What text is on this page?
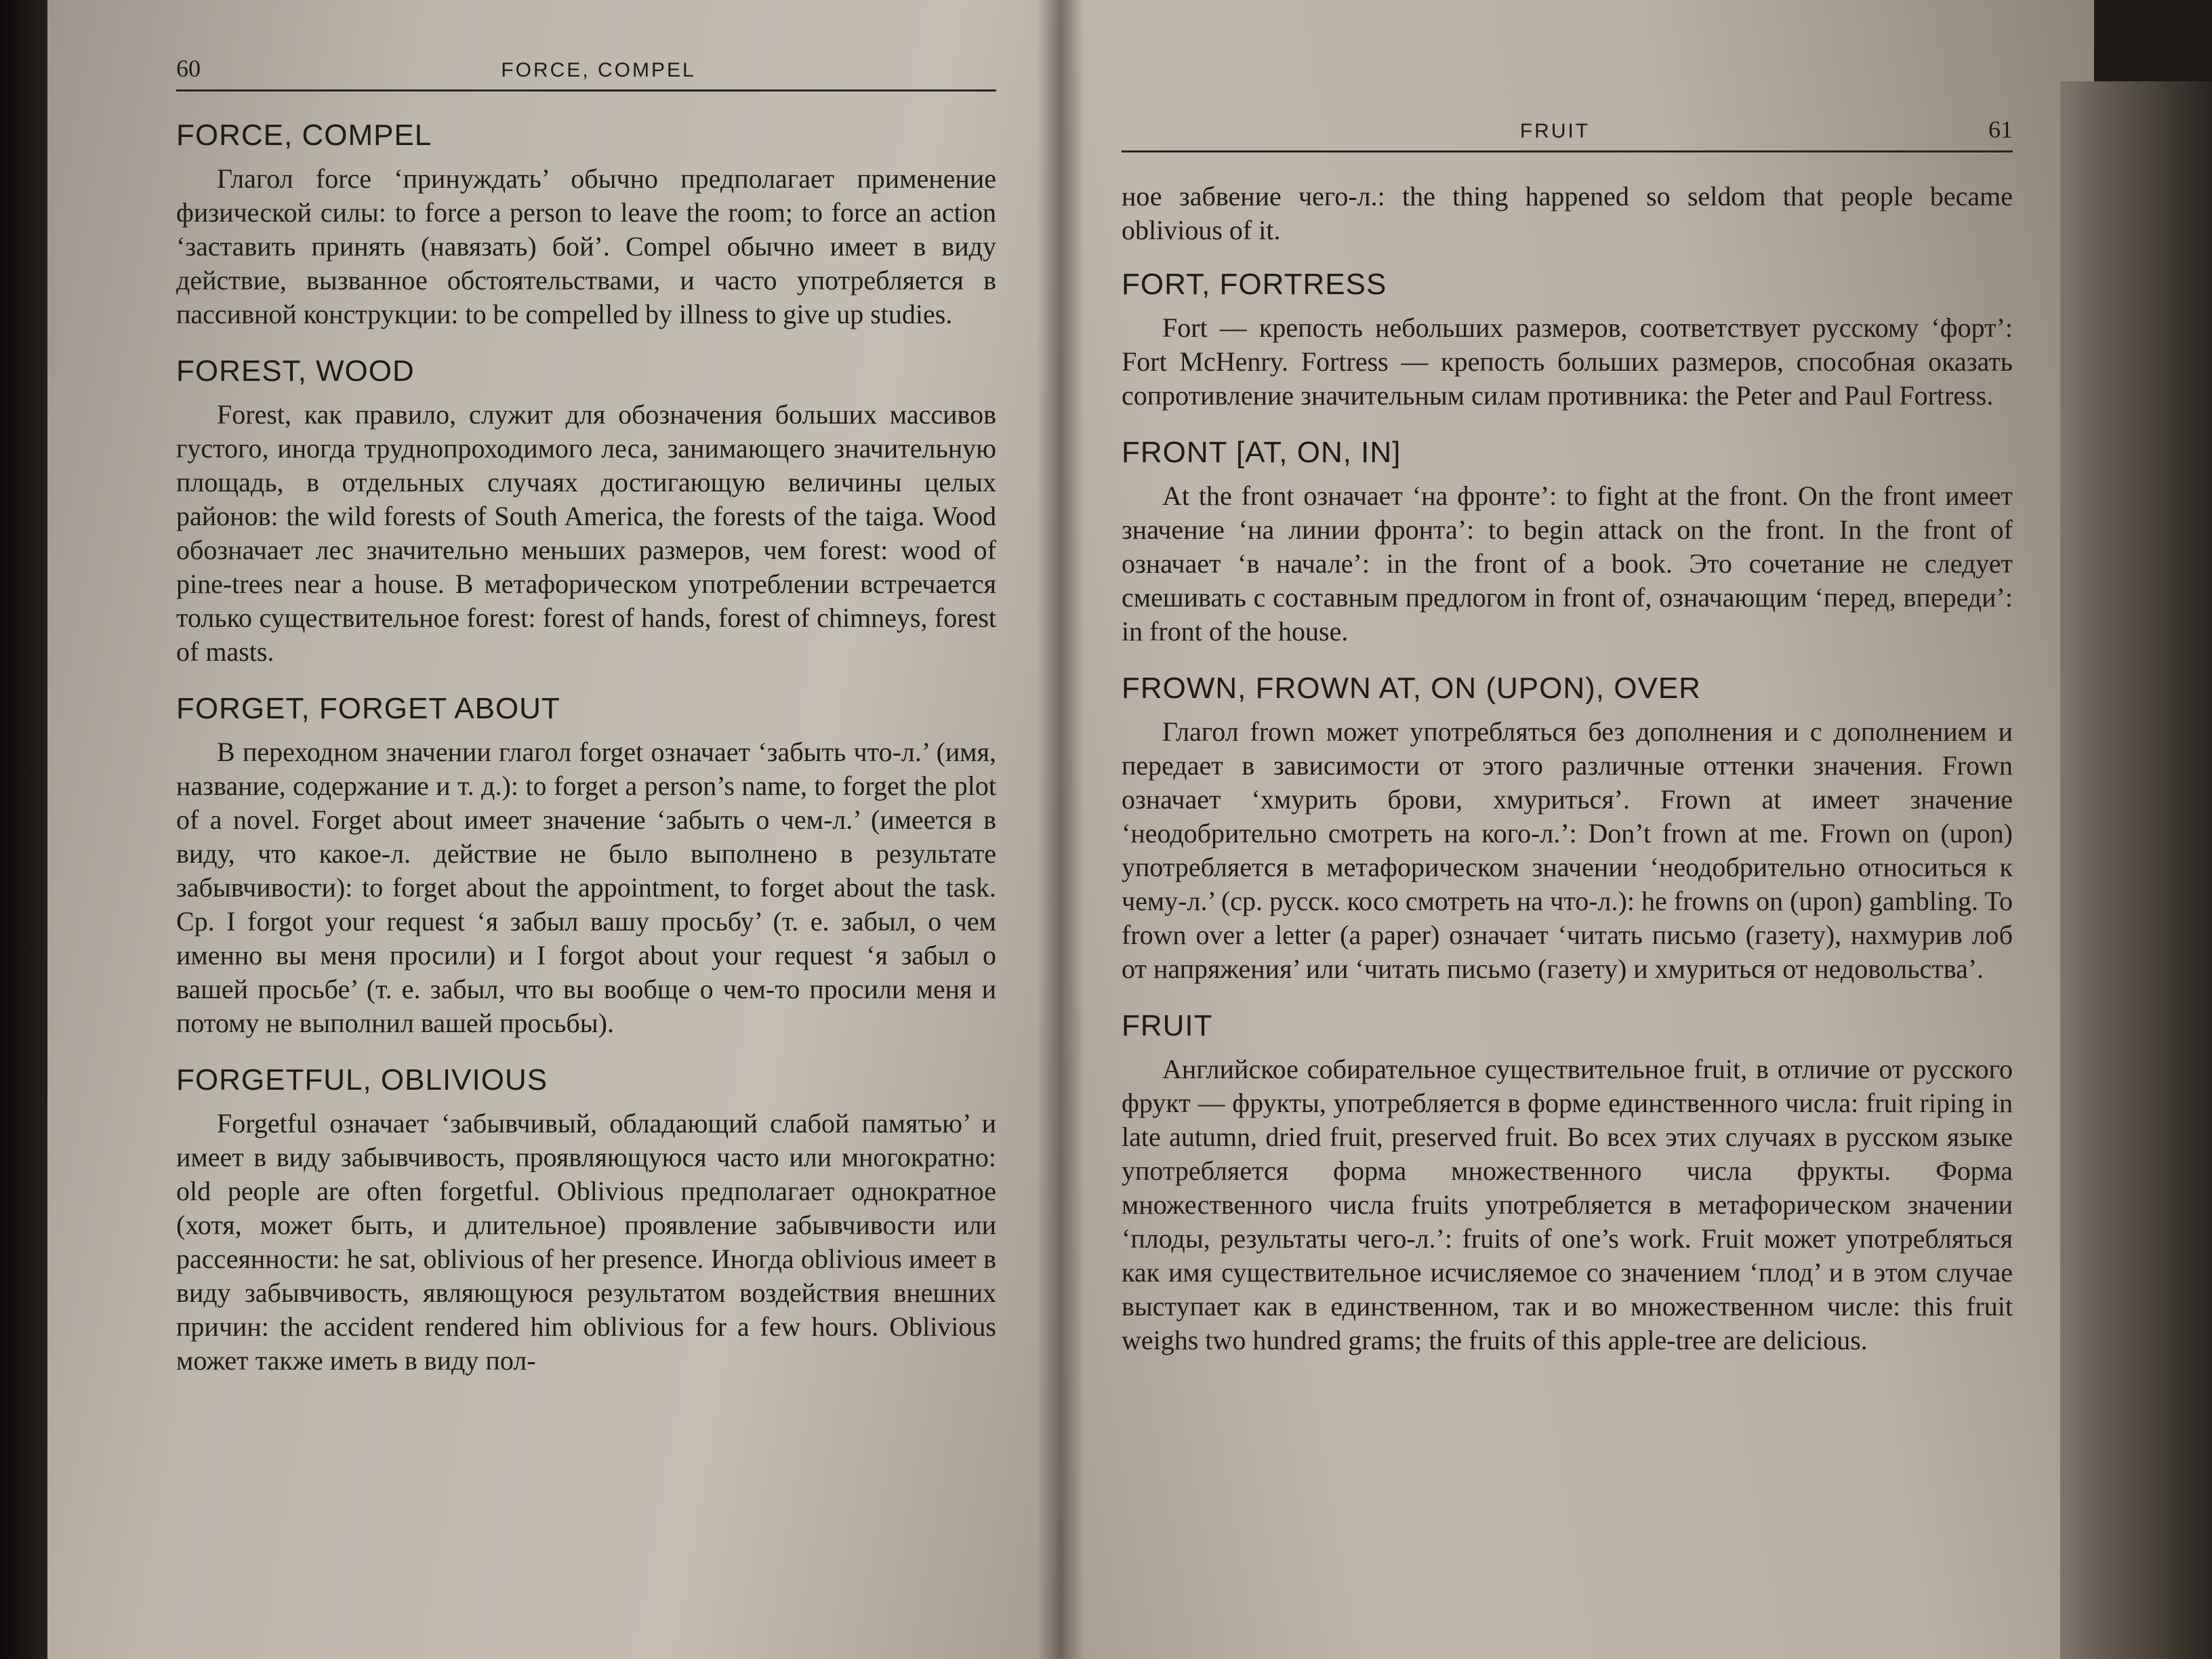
60	FORCE, COMPEL
FORCE, COMPEL

Глагол force ‘принуждать’ обычно предполагает применение физической силы: to force a person to leave the room; to force an action ‘заставить принять (навязать) бой’. Compel обычно имеет в виду действие, вызванное обстоятельствами, и часто употребляется в пассивной конструкции: to be compelled by illness to give up studies.

FOREST, WOOD

Forest, как правило, служит для обозначения больших массивов густого, иногда труднопроходимого леса, занимающего значительную площадь, в отдельных случаях достигающую величины целых районов: the wild forests of South America, the forests of the taiga. Wood обозначает лес значительно меньших размеров, чем forest: wood of pine-trees near a house. В метафорическом употреблении встречается только существительное forest: forest of hands, forest of chimneys, forest of masts.

FORGET, FORGET ABOUT

В переходном значении глагол forget означает ‘забыть что-л.’ (имя, название, содержание и т. д.): to forget a person’s name, to forget the plot of a novel. Forget about имеет значение ‘забыть о чем-л.’ (имеется в виду, что какое-л. действие не было выполнено в результате забывчивости): to forget about the appointment, to forget about the task. Ср. I forgot your request ‘я забыл вашу просьбу’ (т. е. забыл, о чем именно вы меня просили) и I forgot about your request ‘я забыл о вашей просьбе’ (т. е. забыл, что вы вообще о чем-то просили меня и потому не выполнил вашей просьбы).

FORGETFUL, OBLIVIOUS

Forgetful означает ‘забывчивый, обладающий слабой памятью’ и имеет в виду забывчивость, проявляющуюся часто или многократно: old people are often forgetful. Oblivious предполагает однократное (хотя, может быть, и длительное) проявление забывчивости или рассеянности: he sat, oblivious of her presence. Иногда oblivious имеет в виду забывчивость, являющуюся результатом воздействия внешних причин: the accident rendered him oblivious for a few hours. Oblivious может также иметь в виду пол-

FRUIT	61

ное забвение чего-л.: the thing happened so seldom that people became oblivious of it.

FORT, FORTRESS

Fort — крепость небольших размеров, соответствует русскому ‘форт’: Fort McHenry. Fortress — крепость больших размеров, способная оказать сопротивление значительным силам противника: the Peter and Paul Fortress.

FRONT [AT, ON, IN]

At the front означает ‘на фронте’: to fight at the front. On the front имеет значение ‘на линии фронта’: to begin attack on the front. In the front of означает ‘в начале’: in the front of a book. Это сочетание не следует смешивать с составным предлогом in front of, означающим ‘перед, впереди’: in front of the house.

FROWN, FROWN AT, ON (UPON), OVER

Глагол frown может употребляться без дополнения и с дополнением и передает в зависимости от этого различные оттенки значения. Frown означает ‘хмурить брови, хмуриться’. Frown at имеет значение ‘неодобрительно смотреть на кого-л.’: Don’t frown at me. Frown on (upon) употребляется в метафорическом значении ‘неодобрительно относиться к чему-л.’ (ср. русск. косо смотреть на что-л.): he frowns on (upon) gambling. To frown over a letter (a paper) означает ‘читать письмо (газету), нахмурив лоб от напряжения’ или ‘читать письмо (газету) и хмуриться от недовольства’.

FRUIT

Английское собирательное существительное fruit, в отличие от русского фрукт — фрукты, употребляется в форме единственного числа: fruit riping in late autumn, dried fruit, preserved fruit. Во всех этих случаях в русском языке употребляется форма множественного числа фрукты. Форма множественного числа fruits употребляется в метафорическом значении ‘плоды, результаты чего-л.’: fruits of one’s work. Fruit может употребляться как имя существительное исчисляемое со значением ‘плод’ и в этом случае выступает как в единственном, так и во множественном числе: this fruit weighs two hundred grams; the fruits of this apple-tree are delicious.
